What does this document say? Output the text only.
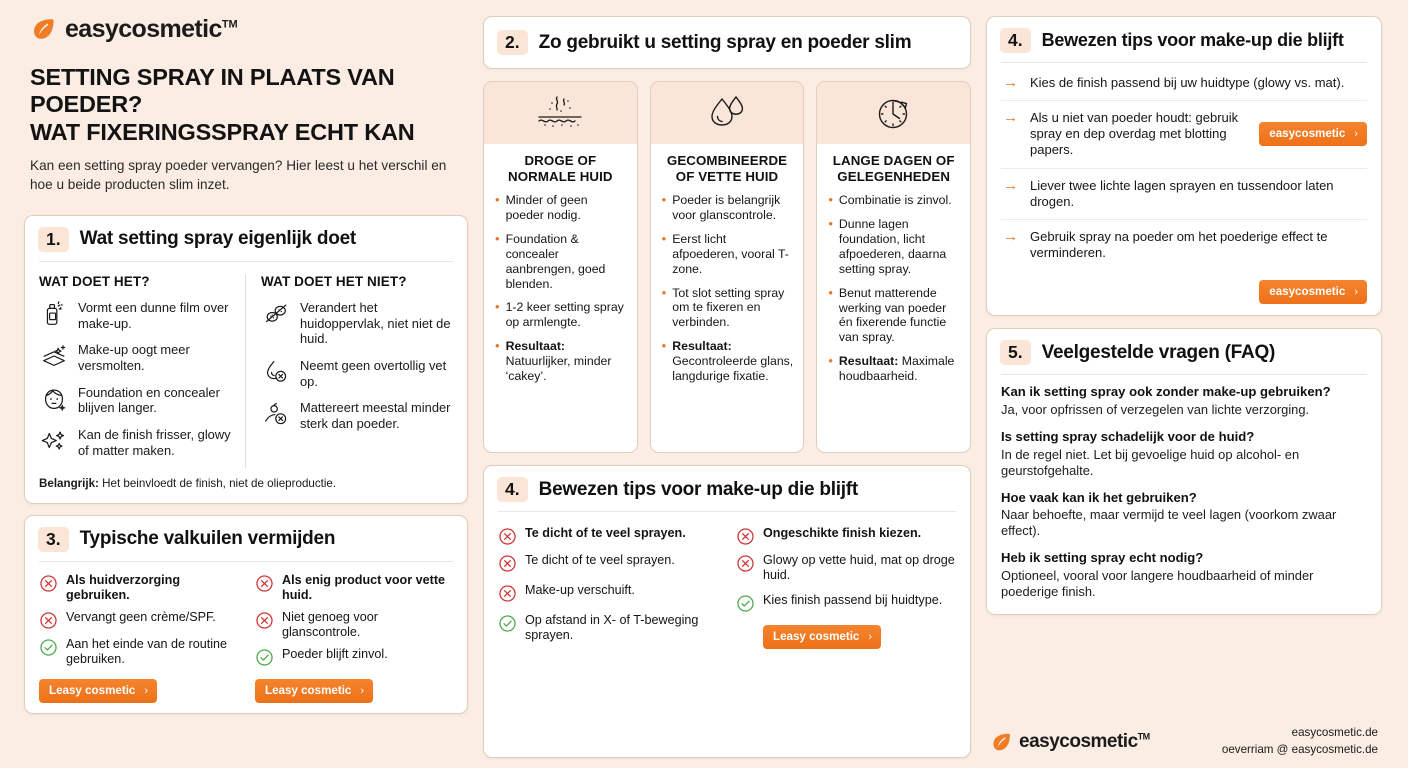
easycosmetic™
SETTING SPRAY IN PLAATS VAN POEDER?
WAT FIXERINGSSPRAY ECHT KAN
Kan een setting spray poeder vervangen? Hier leest u het verschil en hoe u beide producten slim inzet.
1.	Wat setting spray eigenlijk doet
WAT DOET HET?
Vormt een dunne film over make-up.
Make-up oogt meer versmolten.
Foundation en concealer blijven langer.
Kan de finish frisser, glowy of matter maken.
WAT DOET HET NIET?
Verandert het huidoppervlak, niet niet de huid.
Neemt geen overtollig vet op.
Mattereert meestal minder sterk dan poeder.
Belangrijk: Het beinvloedt de finish, niet de olieproductie.
3.	Typische valkuilen vermijden
Als huidverzorging gebruiken.
Vervangt geen crème/SPF.
Aan het einde van de routine gebruiken.
Leasy cosmetic ›
Als enig product voor vette huid.
Niet genoeg voor glanscontrole.
Poeder blijft zinvol.
Leasy cosmetic ›
2.	Zo gebruikt u setting spray en poeder slim
DROGE OF
NORMALE HUID
• Minder of geen poeder nodig.
• Foundation & concealer aanbrengen, goed blenden.
• 1-2 keer setting spray op armlengte.
• Resultaat: Natuurlijker, minder ‘cakey’.
GECOMBINEERDE
OF VETTE HUID
• Poeder is belangrijk voor glanscontrole.
• Eerst licht afpoederen, vooral T-zone.
• Tot slot setting spray om te fixeren en verbinden.
• Resultaat:
Gecontroleerde glans, langdurige fixatie.
LANGE DAGEN OF
GELEGENHEDEN
• Combinatie is zinvol.
• Dunne lagen foundation, licht afpoederen, daarna setting spray.
• Benut matterende werking van poeder én fixerende functie van spray.
• Resultaat: Maximale houdbaarheid.
4.	Bewezen tips voor make-up die blijft
Te dicht of te veel sprayen.
Te dicht of te veel sprayen.
Make-up verschuift.
Op afstand in X- of T-beweging sprayen.
Ongeschikte finish kiezen.
Glowy op vette huid, mat op droge huid.
Kies finish passend bij huidtype.
Leasy cosmetic ›
4.	Bewezen tips voor make-up die blijft
→ Kies de finish passend bij uw huidtype (glowy vs. mat).
→ Als u niet van poeder houdt: gebruik spray en dep overdag met blotting papers.
easycosmetic ›
→ Liever twee lichte lagen sprayen en tussendoor laten drogen.
→ Gebruik spray na poeder om het poederige effect te verminderen.
easycosmetic ›
5.	Veelgestelde vragen (FAQ)
Kan ik setting spray ook zonder make-up gebruiken?
Ja, voor opfrissen of verzegelen van lichte verzorging.
Is setting spray schadelijk voor de huid?
In de regel niet. Let bij gevoelige huid op alcohol- en geurstofgehalte.
Hoe vaak kan ik het gebruiken?
Naar behoefte, maar vermijd te veel lagen (voorkom zwaar effect).
Heb ik setting spray echt nodig?
Optioneel, vooral voor langere houdbaarheid of minder poederige finish.
easycosmetic™	easycosmetic.de
oeverriam @ easycosmetic.de
